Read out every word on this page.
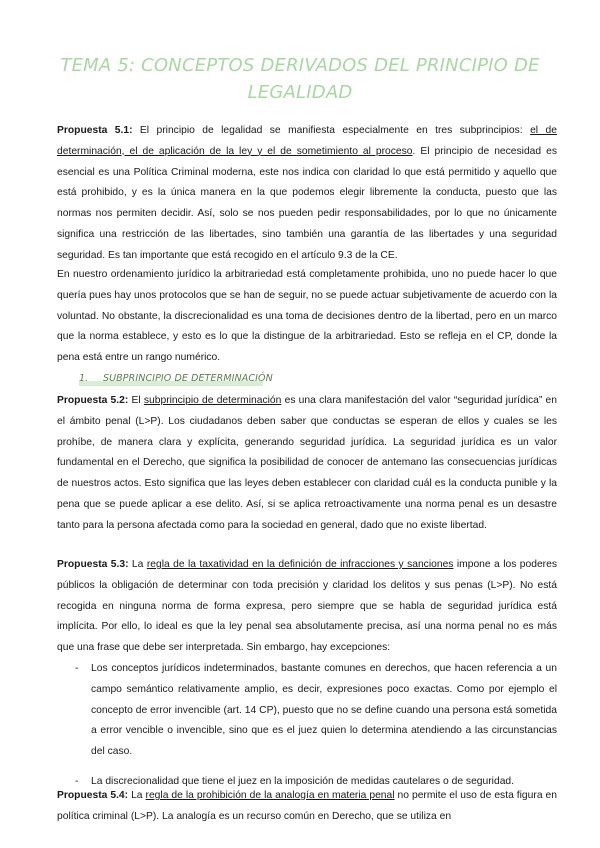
TEMA 5: CONCEPTOS DERIVADOS DEL PRINCIPIO DE LEGALIDAD

Propuesta 5.1: El principio de legalidad se manifiesta especialmente en tres subprincipios: el de determinación, el de aplicación de la ley y el de sometimiento al proceso. El principio de necesidad es esencial es una Política Criminal moderna, este nos indica con claridad lo que está permitido y aquello que está prohibido, y es la única manera en la que podemos elegir libremente la conducta, puesto que las normas nos permiten decidir. Así, solo se nos pueden pedir responsabilidades, por lo que no únicamente significa una restricción de las libertades, sino también una garantía de las libertades y una seguridad seguridad. Es tan importante que está recogido en el artículo 9.3 de la CE.

En nuestro ordenamiento jurídico la arbitrariedad está completamente prohibida, uno no puede hacer lo que quería pues hay unos protocolos que se han de seguir, no se puede actuar subjetivamente de acuerdo con la voluntad. No obstante, la discrecionalidad es una toma de decisiones dentro de la libertad, pero en un marco que la norma establece, y esto es lo que la distingue de la arbitrariedad. Esto se refleja en el CP, donde la pena está entre un rango numérico.

1. SUBPRINCIPIO DE DETERMINACIÓN

Propuesta 5.2: El subprincipio de determinación es una clara manifestación del valor “seguridad jurídica” en el ámbito penal (L>P). Los ciudadanos deben saber que conductas se esperan de ellos y cuales se les prohíbe, de manera clara y explícita, generando seguridad jurídica. La seguridad jurídica es un valor fundamental en el Derecho, que significa la posibilidad de conocer de antemano las consecuencias jurídicas de nuestros actos. Esto significa que las leyes deben establecer con claridad cuál es la conducta punible y la pena que se puede aplicar a ese delito. Así, si se aplica retroactivamente una norma penal es un desastre tanto para la persona afectada como para la sociedad en general, dado que no existe libertad.

Propuesta 5.3: La regla de la taxatividad en la definición de infracciones y sanciones impone a los poderes públicos la obligación de determinar con toda precisión y claridad los delitos y sus penas (L>P). No está recogida en ninguna norma de forma expresa, pero siempre que se habla de seguridad jurídica está implícita. Por ello, lo ideal es que la ley penal sea absolutamente precisa, así una norma penal no es más que una frase que debe ser interpretada. Sin embargo, hay excepciones:

- Los conceptos jurídicos indeterminados, bastante comunes en derechos, que hacen referencia a un campo semántico relativamente amplio, es decir, expresiones poco exactas. Como por ejemplo el concepto de error invencible (art. 14 CP), puesto que no se define cuando una persona está sometida a error vencible o invencible, sino que es el juez quien lo determina atendiendo a las circunstancias del caso.
- La discrecionalidad que tiene el juez en la imposición de medidas cautelares o de seguridad.

Propuesta 5.4: La regla de la prohibición de la analogía en materia penal no permite el uso de esta figura en política criminal (L>P). La analogía es un recurso común en Derecho, que se utiliza en
